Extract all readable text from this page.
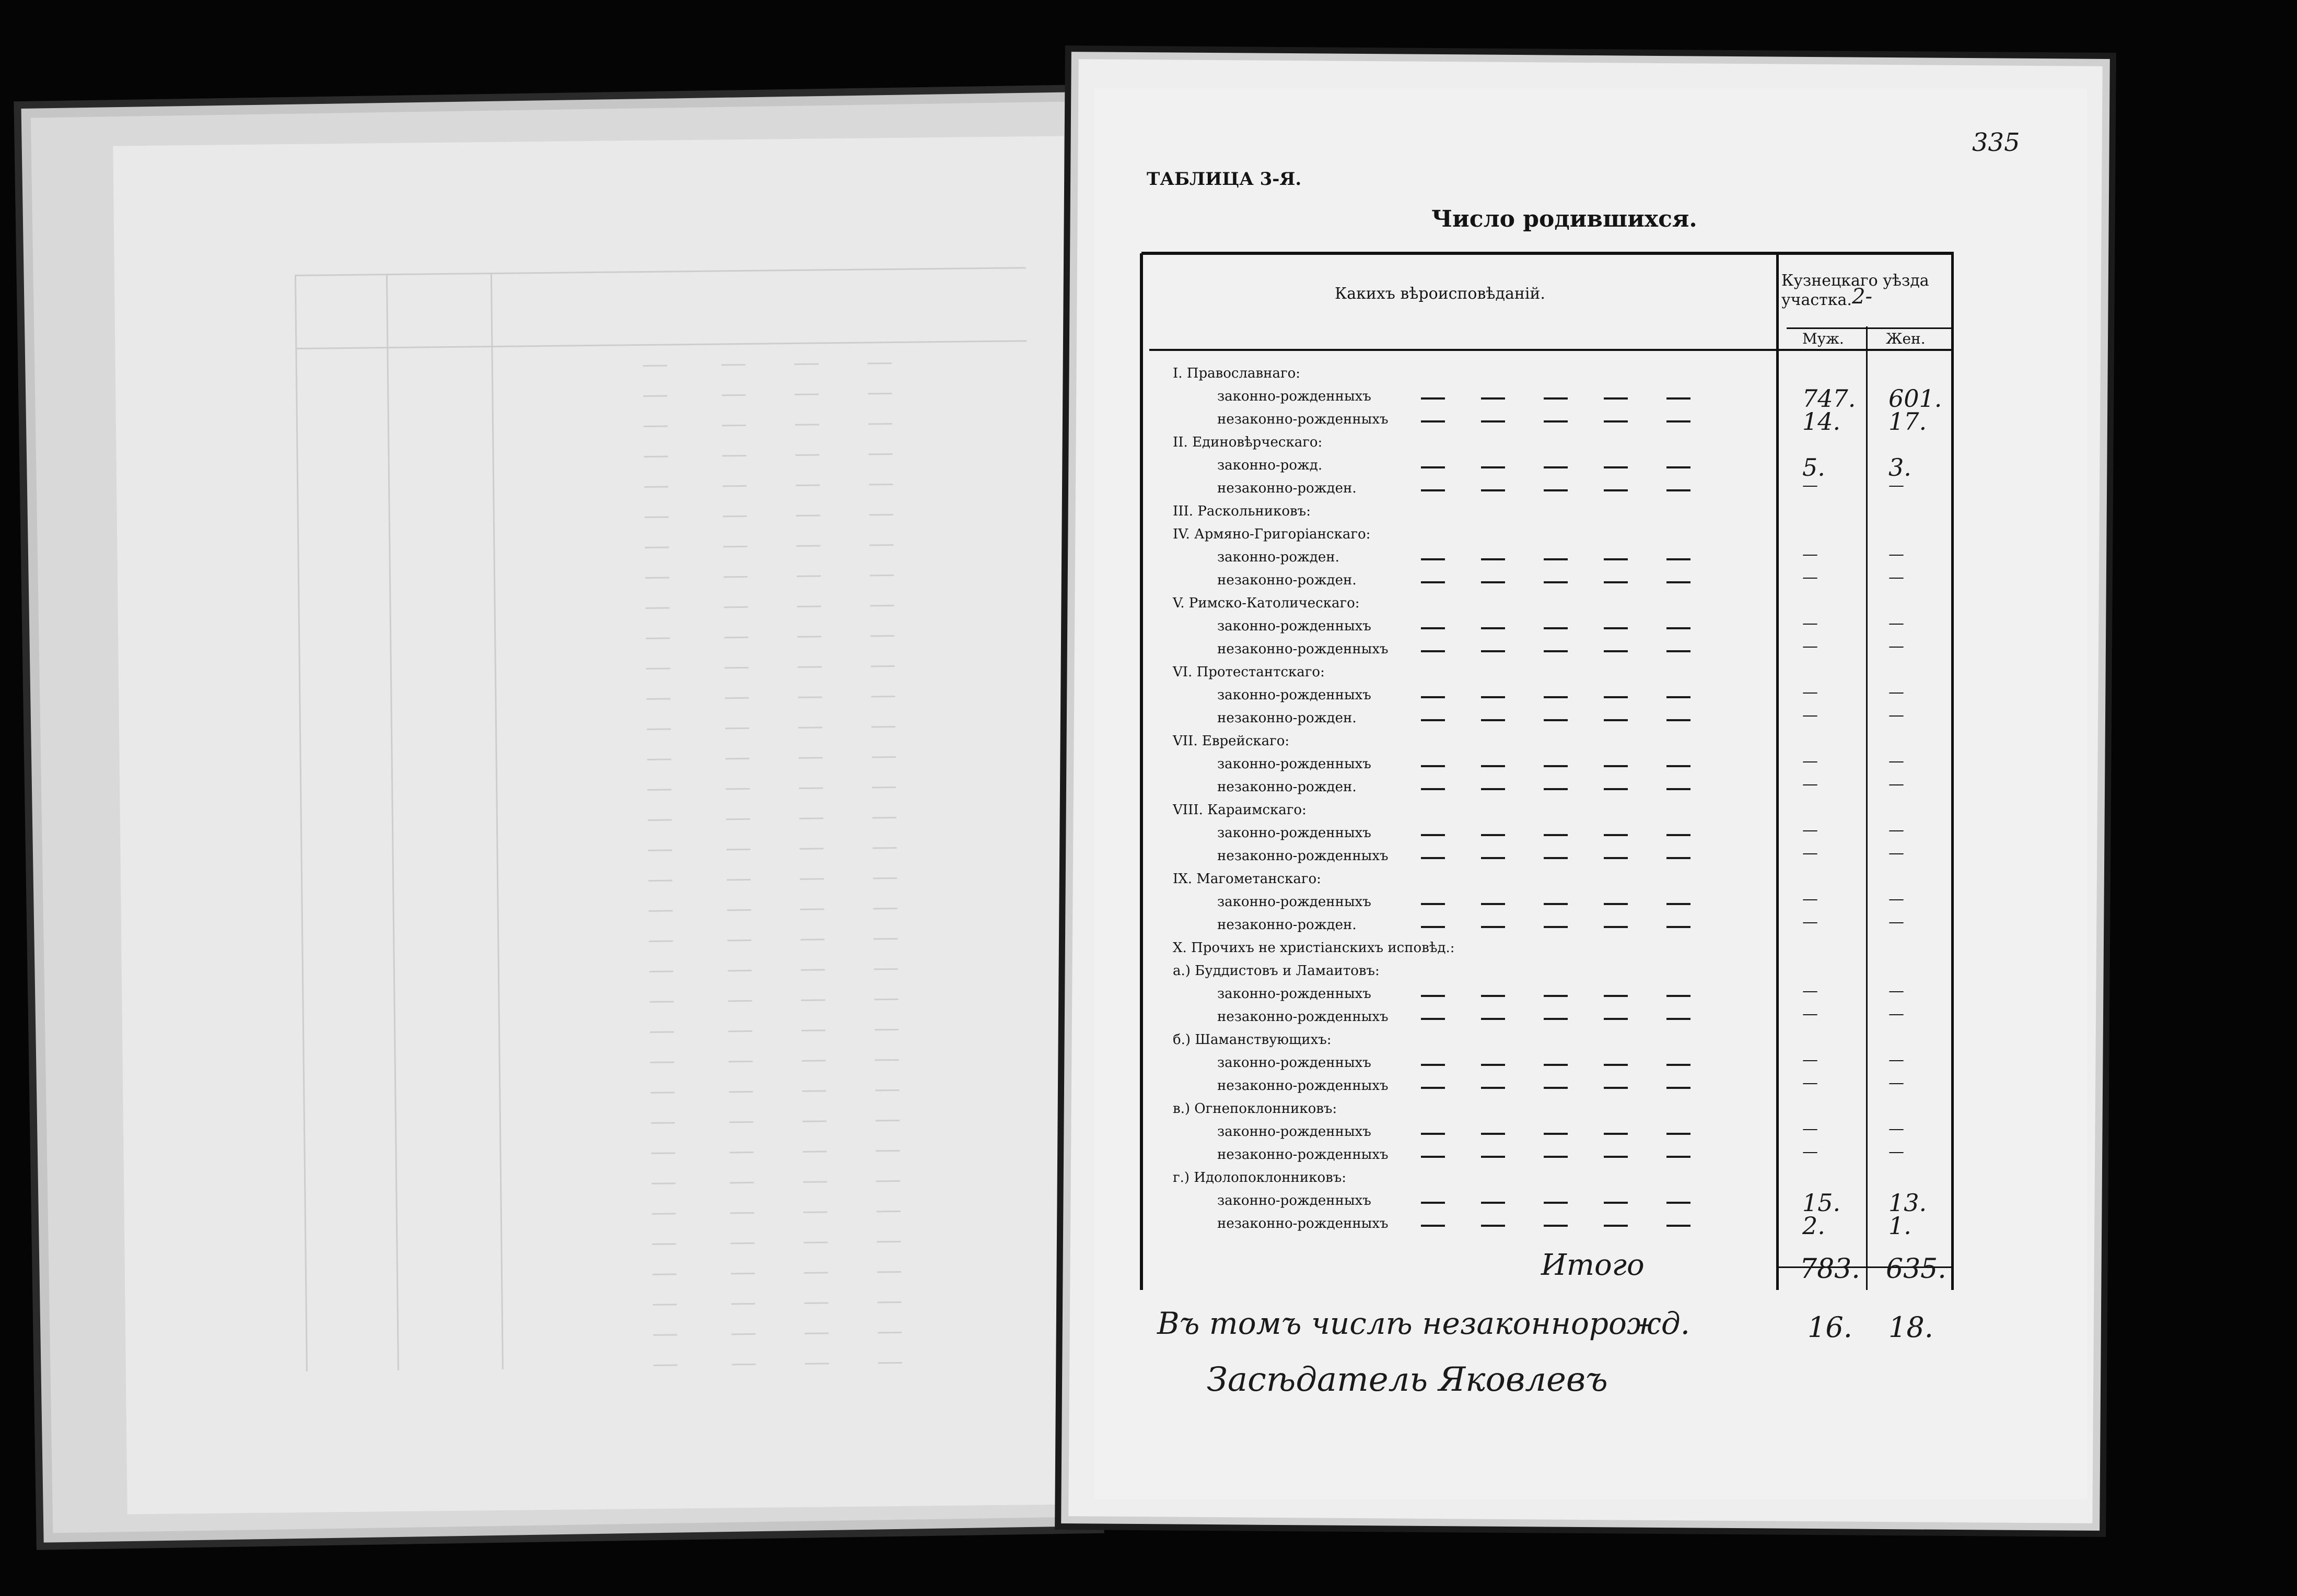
335
ТАБЛИЦА 3-Я.
Число родившихся.
Какихъ вѣроисповѣданій.
Кузнецкаго уѣзда
участка. 2-
Муж.	Жен.
I. Православнаго:
законно-рожденныхъ	747. 601.
незаконно-рожденныхъ	14. 17.
II. Единовѣрческаго:
законно-рожд.	5.	3.
незаконно-рожден.	—	—
III. Раскольниковъ:
IV. Армяно-Григоріанскаго:
законно-рожден.	—	—
незаконно-рожден.	—	—
V. Римско-Католическаго:
законно-рожденныхъ	—	—
незаконно-рожденныхъ	—	—
VI. Протестантскаго:
законно-рожденныхъ	—	—
незаконно-рожден.	—	—
VII. Еврейскаго:
законно-рожденныхъ	—	—
незаконно-рожден.	—	—
VIII. Караимскаго:
законно-рожденныхъ	—	—
незаконно-рожденныхъ	—	—
IX. Магометанскаго:
законно-рожденныхъ	—	—
незаконно-рожден.	—	—
X. Прочихъ не христіанскихъ исповѣд.:
а.) Буддистовъ и Ламаитовъ:
законно-рожденныхъ	—	—
незаконно-рожденныхъ	—	—
б.) Шаманствующихъ:
законно-рожденныхъ	—	—
незаконно-рожденныхъ	—	—
в.) Огнепоклонниковъ:
законно-рожденныхъ	—	—
незаконно-рожденныхъ	—	—
г.) Идолопоклонниковъ:
законно-рожденныхъ	15. 13.
незаконно-рожденныхъ	2.	1.
Итого	783. 635.
Въ томъ числѣ незаконнорожд.	16. 18.
Засѣдатель Яковлевъ
